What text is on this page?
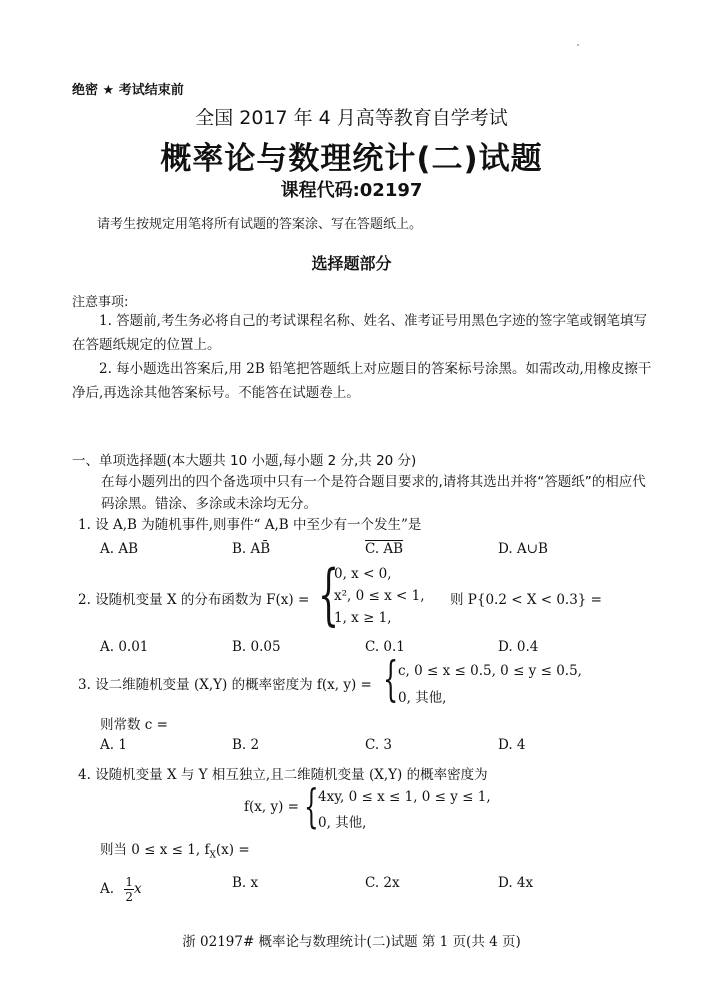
绝密 ★ 考试结束前
全国 2017 年 4 月高等教育自学考试
概率论与数理统计(二)试题
课程代码:02197
请考生按规定用笔将所有试题的答案涂、写在答题纸上。
选择题部分
注意事项:
1. 答题前,考生务必将自己的考试课程名称、姓名、准考证号用黑色字迹的签字笔或钢笔填写在答题纸规定的位置上。
2. 每小题选出答案后,用 2B 铅笔把答题纸上对应题目的答案标号涂黑。如需改动,用橡皮擦干净后,再选涂其他答案标号。不能答在试题卷上。
一、单项选择题(本大题共 10 小题,每小题 2 分,共 20 分)
在每小题列出的四个备选项中只有一个是符合题目要求的,请将其选出并将“答题纸”的相应代码涂黑。错涂、多涂或未涂均无分。
1. 设 A,B 为随机事件,则事件“ A,B 中至少有一个发生”是
A. AB	B. AB̄	C. AB	D. A∪B
2. 设随机变量 X 的分布函数为 F(x) = {
0, x < 0,
x², 0 ≤ x < 1,
1, x ≥ 1,
则 P{0.2 < X < 0.3} =
A. 0.01	B. 0.05	C. 0.1	D. 0.4
3. 设二维随机变量 (X,Y) 的概率密度为 f(x, y) = { c, 0 ≤ x ≤ 0.5, 0 ≤ y ≤ 0.5,
0, 其他,
则常数 c =
A. 1	B. 2	C. 3	D. 4
4. 设随机变量 X 与 Y 相互独立,且二维随机变量 (X,Y) 的概率密度为
f(x, y) = { 4xy, 0 ≤ x ≤ 1, 0 ≤ y ≤ 1,
0, 其他,
则当 0 ≤ x ≤ 1, $f_X(x)$ =
A. $\frac{1}{2}$ x	B. x	C. 2x	D. 4x
浙 02197# 概率论与数理统计(二)试题 第 1 页(共 4 页)
